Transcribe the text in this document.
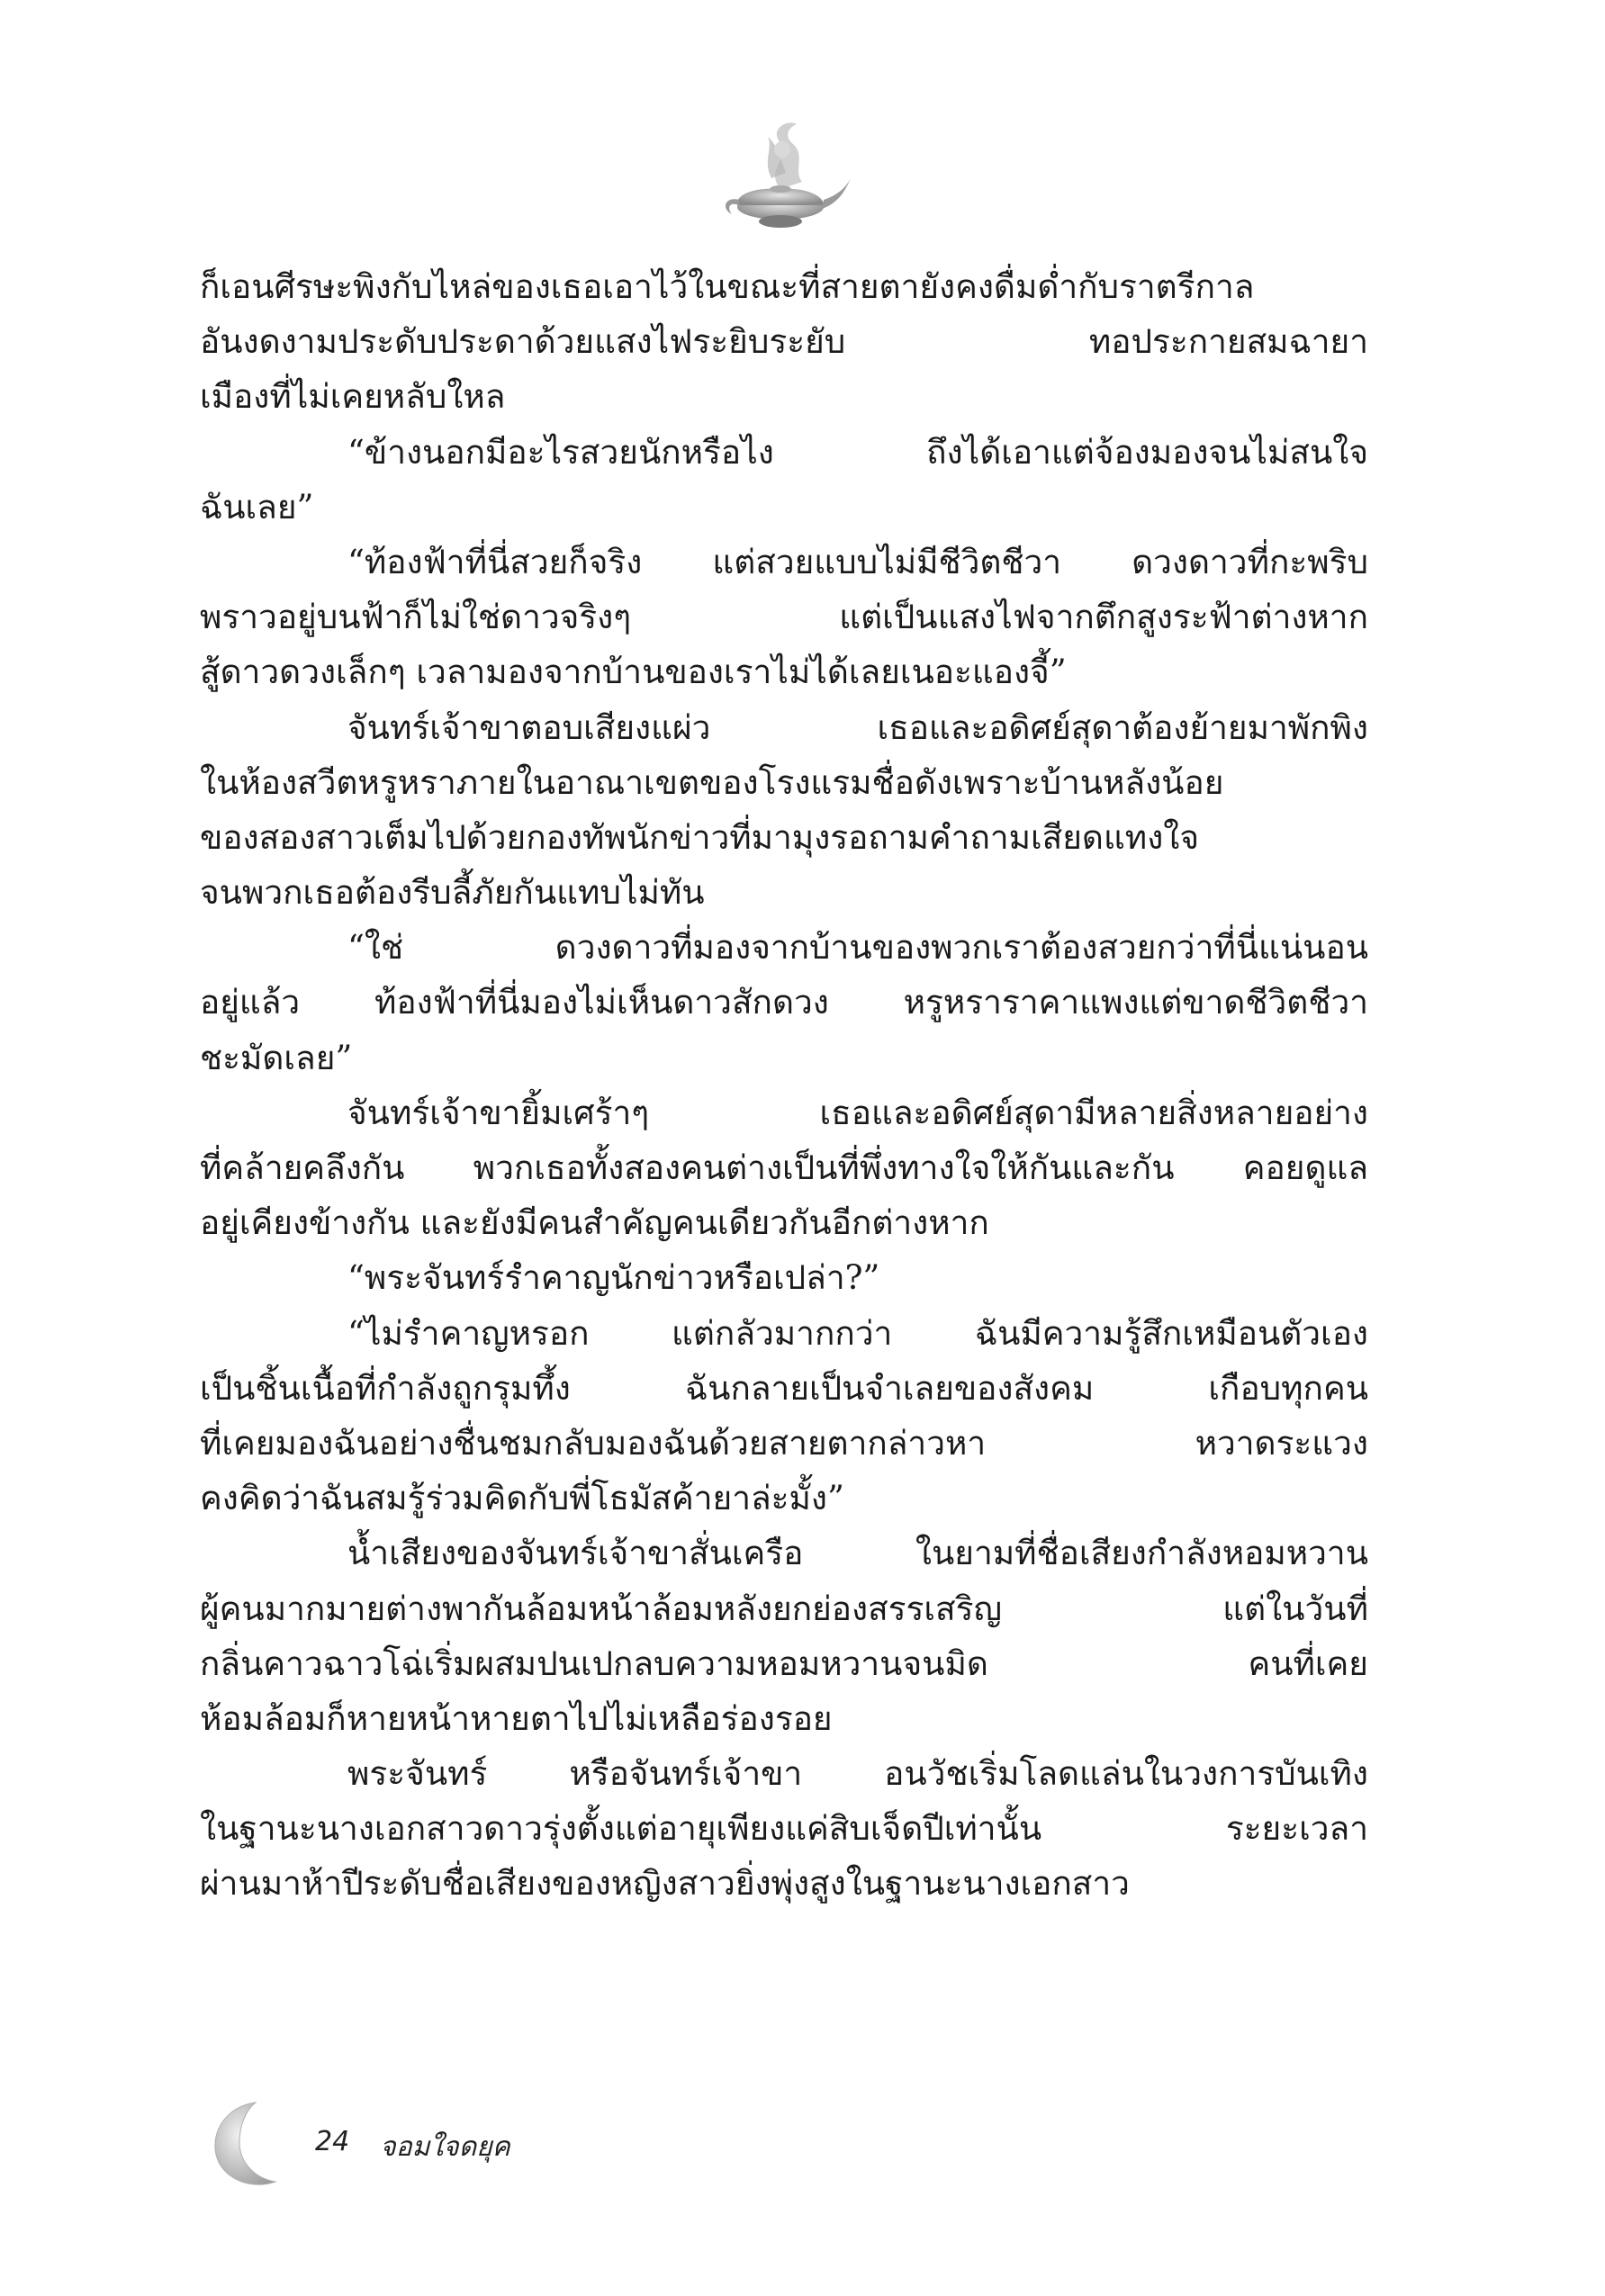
ก็เอนศีรษะพิงกับไหล่ของเธอเอาไว้ในขณะที่สายตายังคงดื่มด่ำกับราตรีกาล
อันงดงามประดับประดาด้วยแสงไฟระยิบระยับ ทอประกายสมฉายา
เมืองที่ไม่เคยหลับใหล
“ข้างนอกมีอะไรสวยนักหรือไง ถึงได้เอาแต่จ้องมองจนไม่สนใจ
ฉันเลย”
“ท้องฟ้าที่นี่สวยก็จริง แต่สวยแบบไม่มีชีวิตชีวา ดวงดาวที่กะพริบ
พราวอยู่บนฟ้าก็ไม่ใช่ดาวจริงๆ แต่เป็นแสงไฟจากตึกสูงระฟ้าต่างหาก
สู้ดาวดวงเล็กๆ เวลามองจากบ้านของเราไม่ได้เลยเนอะแองจี้”
จันทร์เจ้าขาตอบเสียงแผ่ว เธอและอดิศย์สุดาต้องย้ายมาพักพิง
ในห้องสวีตหรูหราภายในอาณาเขตของโรงแรมชื่อดังเพราะบ้านหลังน้อย
ของสองสาวเต็มไปด้วยกองทัพนักข่าวที่มามุงรอถามคำถามเสียดแทงใจ
จนพวกเธอต้องรีบลี้ภัยกันแทบไม่ทัน
“ใช่ ดวงดาวที่มองจากบ้านของพวกเราต้องสวยกว่าที่นี่แน่นอน
อยู่แล้ว ท้องฟ้าที่นี่มองไม่เห็นดาวสักดวง หรูหราราคาแพงแต่ขาดชีวิตชีวา
ชะมัดเลย”
จันทร์เจ้าขายิ้มเศร้าๆ เธอและอดิศย์สุดามีหลายสิ่งหลายอย่าง
ที่คล้ายคลึงกัน พวกเธอทั้งสองคนต่างเป็นที่พึ่งทางใจให้กันและกัน คอยดูแล
อยู่เคียงข้างกัน และยังมีคนสำคัญคนเดียวกันอีกต่างหาก
“พระจันทร์รำคาญนักข่าวหรือเปล่า?”
“ไม่รำคาญหรอก แต่กลัวมากกว่า ฉันมีความรู้สึกเหมือนตัวเอง
เป็นชิ้นเนื้อที่กำลังถูกรุมทึ้ง ฉันกลายเป็นจำเลยของสังคม เกือบทุกคน
ที่เคยมองฉันอย่างชื่นชมกลับมองฉันด้วยสายตากล่าวหา หวาดระแวง
คงคิดว่าฉันสมรู้ร่วมคิดกับพี่โธมัสค้ายาล่ะมั้ง”
น้ำเสียงของจันทร์เจ้าขาสั่นเครือ ในยามที่ชื่อเสียงกำลังหอมหวาน
ผู้คนมากมายต่างพากันล้อมหน้าล้อมหลังยกย่องสรรเสริญ แต่ในวันที่
กลิ่นคาวฉาวโฉ่เริ่มผสมปนเปกลบความหอมหวานจนมิด คนที่เคย
ห้อมล้อมก็หายหน้าหายตาไปไม่เหลือร่องรอย
พระจันทร์ หรือจันทร์เจ้าขา อนวัชเริ่มโลดแล่นในวงการบันเทิง
ในฐานะนางเอกสาวดาวรุ่งตั้งแต่อายุเพียงแค่สิบเจ็ดปีเท่านั้น ระยะเวลา
ผ่านมาห้าปีระดับชื่อเสียงของหญิงสาวยิ่งพุ่งสูงในฐานะนางเอกสาว
24 จอมใจดยุค
